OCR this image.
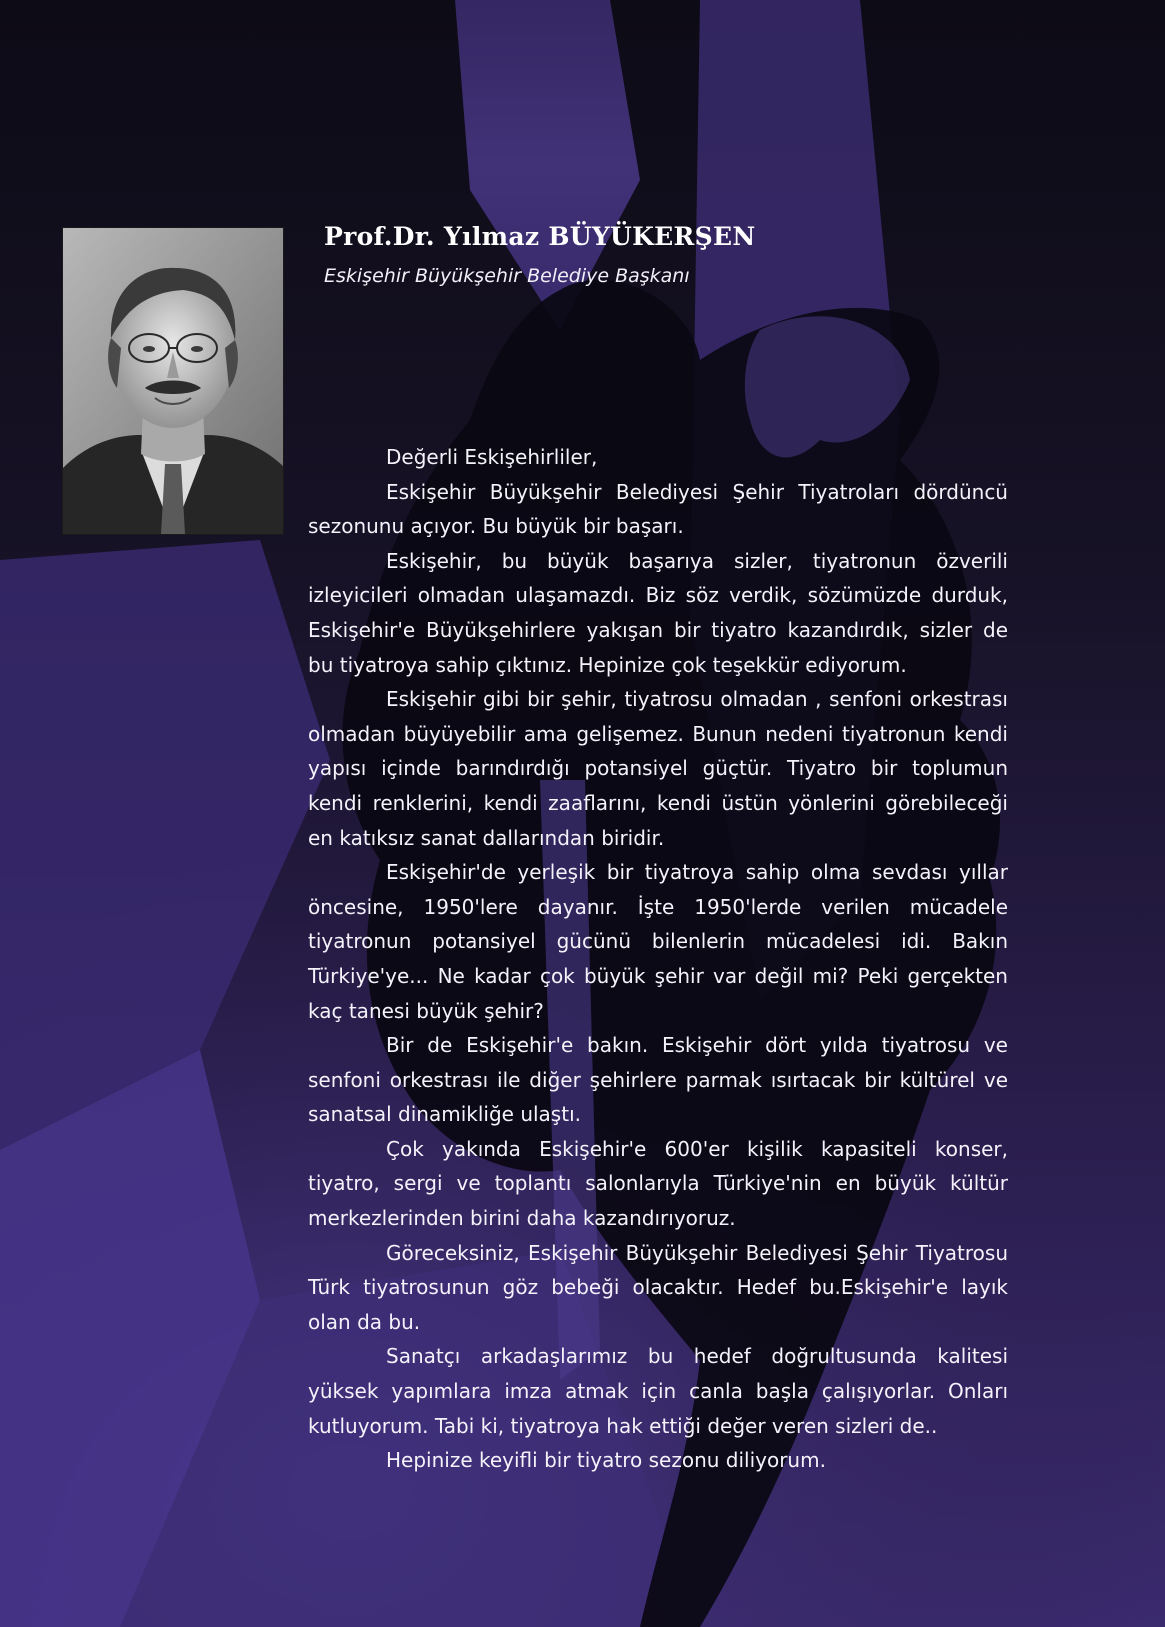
Prof.Dr. Yılmaz BÜYÜKERŞEN
Eskişehir Büyükşehir Belediye Başkanı

Değerli Eskişehirliler,

Eskişehir Büyükşehir Belediyesi Şehir Tiyatroları dördüncü sezonunu açıyor. Bu büyük bir başarı.

Eskişehir, bu büyük başarıya sizler, tiyatronun özverili izleyicileri olmadan ulaşamazdı. Biz söz verdik, sözümüzde durduk, Eskişehir'e Büyükşehirlere yakışan bir tiyatro kazandırdık, sizler de bu tiyatroya sahip çıktınız. Hepinize çok teşekkür ediyorum.

Eskişehir gibi bir şehir, tiyatrosu olmadan , senfoni orkestrası olmadan büyüyebilir ama gelişemez. Bunun nedeni tiyatronun kendi yapısı içinde barındırdığı potansiyel güçtür. Tiyatro bir toplumun kendi renklerini, kendi zaaflarını, kendi üstün yönlerini görebileceği en katıksız sanat dallarından biridir.

Eskişehir'de yerleşik bir tiyatroya sahip olma sevdası yıllar öncesine, 1950'lere dayanır. İşte 1950'lerde verilen mücadele tiyatronun potansiyel gücünü bilenlerin mücadelesi idi. Bakın Türkiye'ye... Ne kadar çok büyük şehir var değil mi? Peki gerçekten kaç tanesi büyük şehir?

Bir de Eskişehir'e bakın. Eskişehir dört yılda tiyatrosu ve senfoni orkestrası ile diğer şehirlere parmak ısırtacak bir kültürel ve sanatsal dinamikliğe ulaştı.

Çok yakında Eskişehir'e 600'er kişilik kapasiteli konser, tiyatro, sergi ve toplantı salonlarıyla Türkiye'nin en büyük kültür merkezlerinden birini daha kazandırıyoruz.

Göreceksiniz, Eskişehir Büyükşehir Belediyesi Şehir Tiyatrosu Türk tiyatrosunun göz bebeği olacaktır. Hedef bu.Eskişehir'e layık olan da bu.

Sanatçı arkadaşlarımız bu hedef doğrultusunda kalitesi yüksek yapımlara imza atmak için canla başla çalışıyorlar. Onları kutluyorum. Tabi ki, tiyatroya hak ettiği değer veren sizleri de..

Hepinize keyifli bir tiyatro sezonu diliyorum.
